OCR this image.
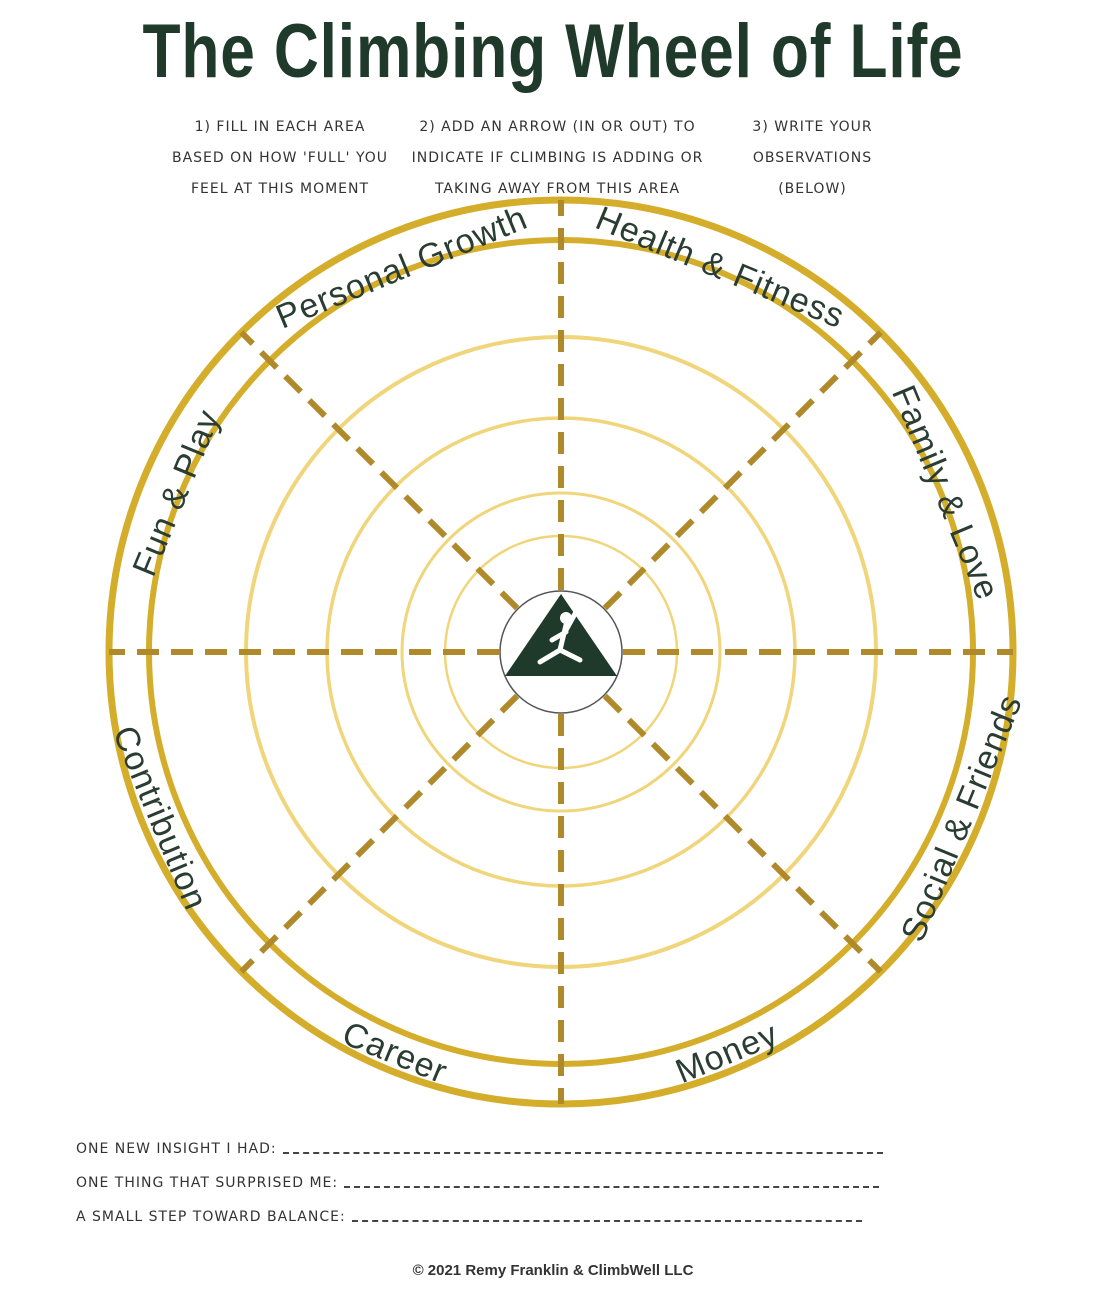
The Climbing Wheel of Life
1) FILL IN EACH AREA
BASED ON HOW 'FULL' YOU
FEEL AT THIS MOMENT
2) ADD AN ARROW (IN OR OUT) TO
INDICATE IF CLIMBING IS ADDING OR
TAKING AWAY FROM THIS AREA
3) WRITE YOUR
OBSERVATIONS
(BELOW)
Personal Growth Health & Fitness
Family & Love
Social & Friends
Money
Career
Contribution
Fun & Play
ONE NEW INSIGHT I HAD:
ONE THING THAT SURPRISED ME:
A SMALL STEP TOWARD BALANCE:
© 2021 Remy Franklin & ClimbWell LLC
